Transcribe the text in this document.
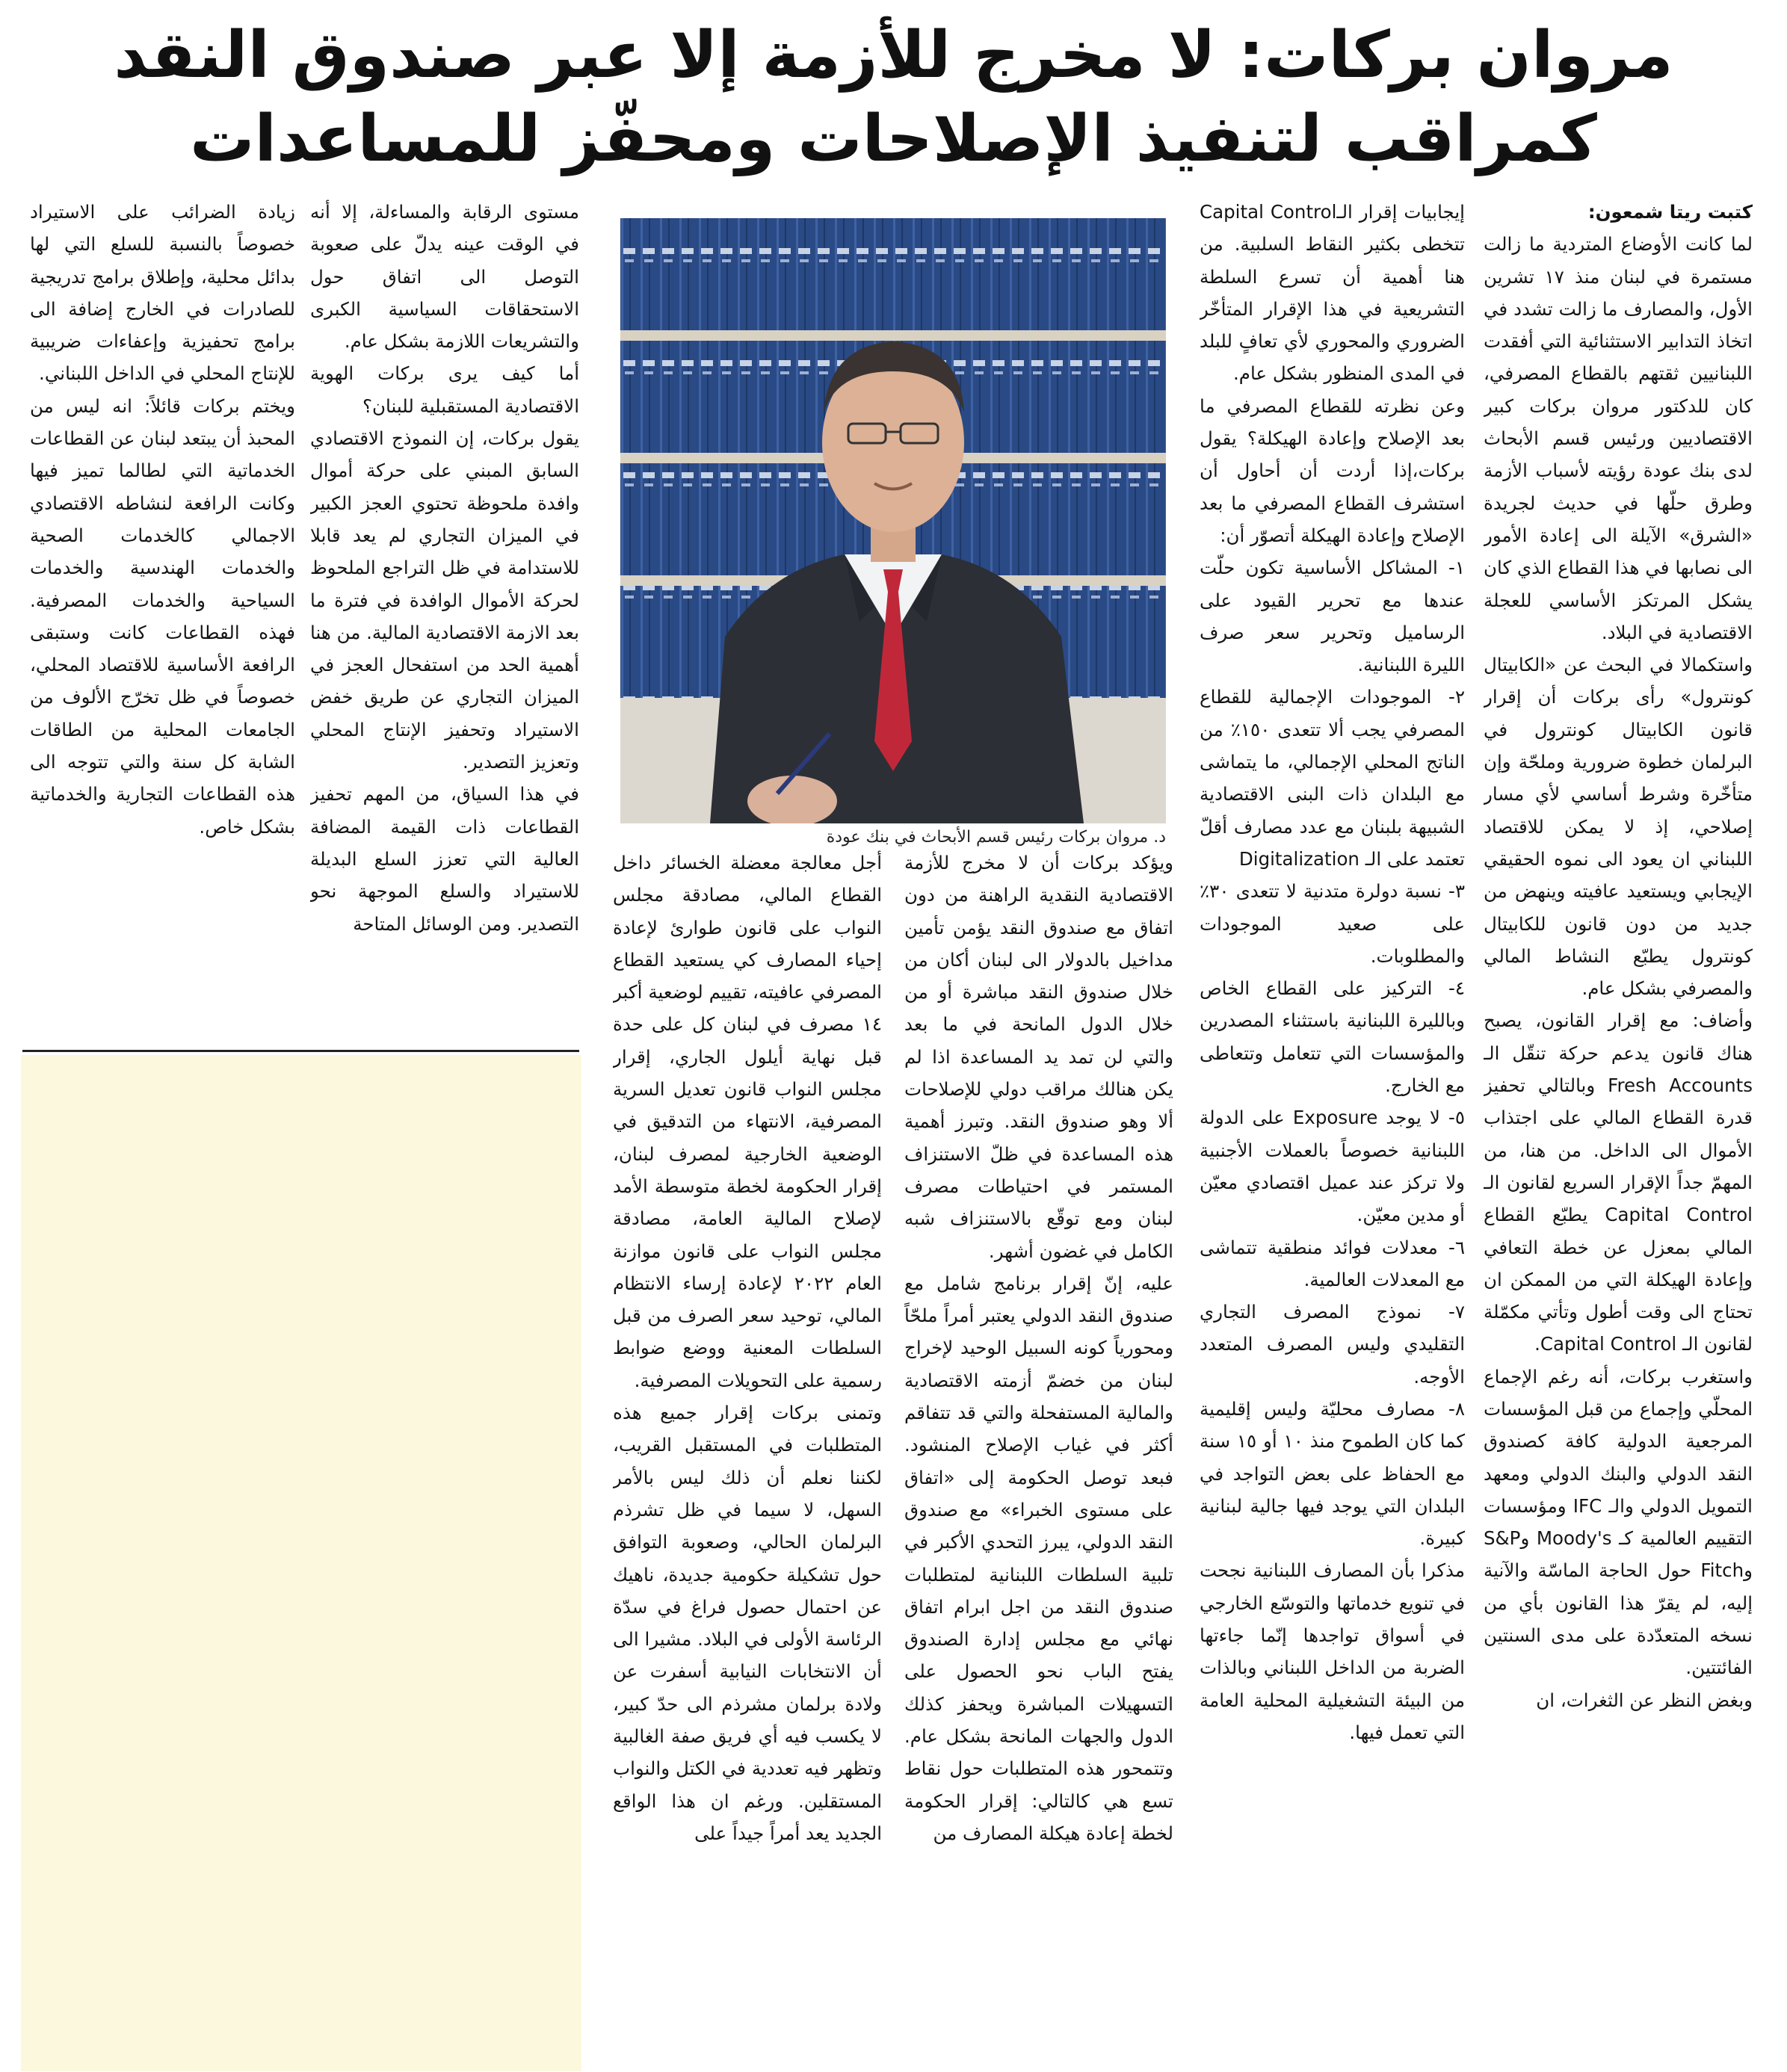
مروان بركات: لا مخرج للأزمة إلا عبر صندوق النقد
كمراقب لتنفيذ الإصلاحات ومحفّز للمساعدات

كتبت ريتا شمعون:

لما كانت الأوضاع المتردية ما زالت مستمرة في لبنان منذ ١٧ تشرين الأول، والمصارف ما زالت تشدد في اتخاذ التدابير الاستثنائية التي أفقدت اللبنانيين ثقتهم بالقطاع المصرفي، كان للدكتور مروان بركات كبير الاقتصاديين ورئيس قسم الأبحاث لدى بنك عودة رؤيته لأسباب الأزمة وطرق حلّها في حديث لجريدة «الشرق» الآيلة الى إعادة الأمور الى نصابها في هذا القطاع الذي كان يشكل المرتكز الأساسي للعجلة الاقتصادية في البلاد.

واستكمالا في البحث عن «الكابيتال كونترول» رأى بركات أن إقرار قانون الكابيتال كونترول في البرلمان خطوة ضرورية وملحّة وإن متأخّرة وشرط أساسي لأي مسار إصلاحي، إذ لا يمكن للاقتصاد اللبناني ان يعود الى نموه الحقيقي الإيجابي ويستعيد عافيته وينهض من جديد من دون قانون للكابيتال كونترول يطبّع النشاط المالي والمصرفي بشكل عام.

وأضاف: مع إقرار القانون، يصبح هناك قانون يدعم حركة تنقّل الـ Fresh Accounts وبالتالي تحفيز قدرة القطاع المالي على اجتذاب الأموال الى الداخل. من هنا، من المهمّ جداً الإقرار السريع لقانون الـ Capital Control يطبّع القطاع المالي بمعزل عن خطة التعافي وإعادة الهيكلة التي من الممكن ان تحتاج الى وقت أطول وتأتي مكمّلة لقانون الـ Capital Control.

واستغرب بركات، أنه رغم الإجماع المحلّي وإجماع من قبل المؤسسات المرجعية الدولية كافة كصندوق النقد الدولي والبنك الدولي ومعهد التمويل الدولي والـ IFC ومؤسسات التقييم العالمية كـ Moody's وS&P وFitch حول الحاجة الماسّة والآنية إليه، لم يقرّ هذا القانون بأي من نسخه المتعدّدة على مدى السنتين الفائتتين.

وبغض النظر عن الثغرات، ان

إيجابيات إقرار الـCapital Control تتخطى بكثير النقاط السلبية. من هنا أهمية أن تسرع السلطة التشريعية في هذا الإقرار المتأخّر الضروري والمحوري لأي تعافٍ للبلد في المدى المنظور بشكل عام.

وعن نظرته للقطاع المصرفي ما بعد الإصلاح وإعادة الهيكلة؟ يقول بركات،إذا أردت أن أحاول أن استشرف القطاع المصرفي ما بعد الإصلاح وإعادة الهيكلة أتصوّر أن:

١- المشاكل الأساسية تكون حلّت عندها مع تحرير القيود على الرساميل وتحرير سعر صرف الليرة اللبنانية.

٢- الموجودات الإجمالية للقطاع المصرفي يجب ألا تتعدى ١٥٠٪ من الناتج المحلي الإجمالي، ما يتماشى مع البلدان ذات البنى الاقتصادية الشبيهة بلبنان مع عدد مصارف أقلّ تعتمد على الـ Digitalization

٣- نسبة دولرة متدنية لا تتعدى ٣٠٪ على صعيد الموجودات والمطلوبات.

٤- التركيز على القطاع الخاص وبالليرة اللبنانية باستثناء المصدرين والمؤسسات التي تتعامل وتتعاطى مع الخارج.

٥- لا يوجد Exposure على الدولة اللبنانية خصوصاً بالعملات الأجنبية ولا تركز عند عميل اقتصادي معيّن أو مدين معيّن.

٦- معدلات فوائد منطقية تتماشى مع المعدلات العالمية.

٧- نموذج المصرف التجاري التقليدي وليس المصرف المتعدد الأوجه.

٨- مصارف محليّة وليس إقليمية كما كان الطموح منذ ١٠ أو ١٥ سنة مع الحفاظ على بعض التواجد في البلدان التي يوجد فيها جالية لبنانية كبيرة.

مذكرا بأن المصارف اللبنانية نجحت في تنويع خدماتها والتوسّع الخارجي في أسواق تواجدها إنّما جاءتها الضربة من الداخل اللبناني وبالذات من البيئة التشغيلية المحلية العامة التي تعمل فيها.

د. مروان بركات رئيس قسم الأبحاث في بنك عودة

ويؤكد بركات أن لا مخرج للأزمة الاقتصادية النقدية الراهنة من دون اتفاق مع صندوق النقد يؤمن تأمين مداخيل بالدولار الى لبنان أكان من خلال صندوق النقد مباشرة أو من خلال الدول المانحة في ما بعد والتي لن تمد يد المساعدة اذا لم يكن هنالك مراقب دولي للإصلاحات ألا وهو صندوق النقد. وتبرز أهمية هذه المساعدة في ظلّ الاستنزاف المستمر في احتياطات مصرف لبنان ومع توقّع بالاستنزاف شبه الكامل في غضون أشهر.

عليه، إنّ إقرار برنامج شامل مع صندوق النقد الدولي يعتبر أمراً ملحّاً ومحورياً كونه السبيل الوحيد لإخراج لبنان من خضمّ أزمته الاقتصادية والمالية المستفحلة والتي قد تتفاقم أكثر في غياب الإصلاح المنشود. فبعد توصل الحكومة إلى «اتفاق على مستوى الخبراء» مع صندوق النقد الدولي، يبرز التحدي الأكبر في تلبية السلطات اللبنانية لمتطلبات صندوق النقد من اجل ابرام اتفاق نهائي مع مجلس إدارة الصندوق يفتح الباب نحو الحصول على التسهيلات المباشرة ويحفز كذلك الدول والجهات المانحة بشكل عام. وتتمحور هذه المتطلبات حول نقاط تسع هي كالتالي: إقرار الحكومة لخطة إعادة هيكلة المصارف من

أجل معالجة معضلة الخسائر داخل القطاع المالي، مصادقة مجلس النواب على قانون طوارئ لإعادة إحياء المصارف كي يستعيد القطاع المصرفي عافيته، تقييم لوضعية أكبر ١٤ مصرف في لبنان كل على حدة قبل نهاية أيلول الجاري، إقرار مجلس النواب قانون تعديل السرية المصرفية، الانتهاء من التدقيق في الوضعية الخارجية لمصرف لبنان، إقرار الحكومة لخطة متوسطة الأمد لإصلاح المالية العامة، مصادقة مجلس النواب على قانون موازنة العام ٢٠٢٢ لإعادة إرساء الانتظام المالي، توحيد سعر الصرف من قبل السلطات المعنية ووضع ضوابط رسمية على التحويلات المصرفية.

وتمنى بركات إقرار جميع هذه المتطلبات في المستقبل القريب، لكننا نعلم أن ذلك ليس بالأمر السهل، لا سيما في ظل تشرذم البرلمان الحالي، وصعوبة التوافق حول تشكيلة حكومية جديدة، ناهيك عن احتمال حصول فراغ في سدّة الرئاسة الأولى في البلاد. مشيرا الى أن الانتخابات النيابية أسفرت عن ولادة برلمان مشرذم الى حدّ كبير، لا يكسب فيه أي فريق صفة الغالبية وتظهر فيه تعددية في الكتل والنواب المستقلين. ورغم ان هذا الواقع الجديد يعد أمراً جيداً على

مستوى الرقابة والمساءلة، إلا أنه في الوقت عينه يدلّ على صعوبة التوصل الى اتفاق حول الاستحقاقات السياسية الكبرى والتشريعات اللازمة بشكل عام.

أما كيف يرى بركات الهوية الاقتصادية المستقبلية للبنان؟

يقول بركات، إن النموذج الاقتصادي السابق المبني على حركة أموال وافدة ملحوظة تحتوي العجز الكبير في الميزان التجاري لم يعد قابلا للاستدامة في ظل التراجع الملحوظ لحركة الأموال الوافدة في فترة ما بعد الازمة الاقتصادية المالية. من هنا أهمية الحد من استفحال العجز في الميزان التجاري عن طريق خفض الاستيراد وتحفيز الإنتاج المحلي وتعزيز التصدير.

في هذا السياق، من المهم تحفيز القطاعات ذات القيمة المضافة العالية التي تعزز السلع البديلة للاستيراد والسلع الموجهة نحو التصدير. ومن الوسائل المتاحة

زيادة الضرائب على الاستيراد خصوصاً بالنسبة للسلع التي لها بدائل محلية، وإطلاق برامج تدريجية للصادرات في الخارج إضافة الى برامج تحفيزية وإعفاءات ضريبية للإنتاج المحلي في الداخل اللبناني.

ويختم بركات قائلاً: انه ليس من المحبذ أن يبتعد لبنان عن القطاعات الخدماتية التي لطالما تميز فيها وكانت الرافعة لنشاطه الاقتصادي الاجمالي كالخدمات الصحية والخدمات الهندسية والخدمات السياحية والخدمات المصرفية. فهذه القطاعات كانت وستبقى الرافعة الأساسية للاقتصاد المحلي، خصوصاً في ظل تخرّج الألوف من الجامعات المحلية من الطاقات الشابة كل سنة والتي تتوجه الى هذه القطاعات التجارية والخدماتية بشكل خاص.
